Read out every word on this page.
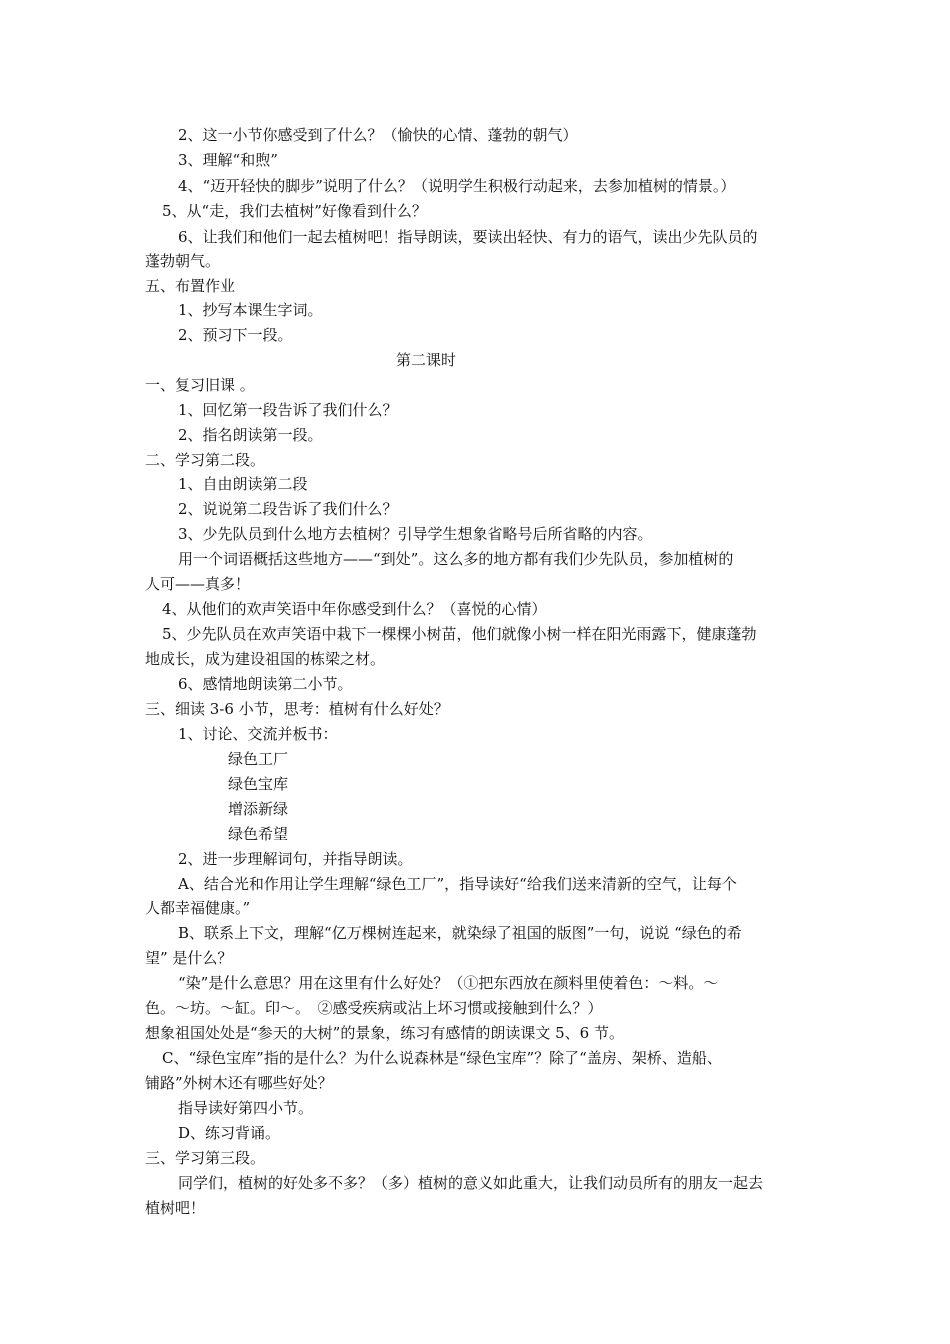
2、这一小节你感受到了什么？（愉快的心情、蓬勃的朝气）
3、理解“和煦”
4、“迈开轻快的脚步”说明了什么？（说明学生积极行动起来，去参加植树的情景。）
5、从“走，我们去植树”好像看到什么？
6、让我们和他们一起去植树吧！指导朗读，要读出轻快、有力的语气，读出少先队员的
蓬勃朝气。
五、布置作业
1、抄写本课生字词。
2、预习下一段。
第二课时
一、复习旧课 。
1、回忆第一段告诉了我们什么？
2、指名朗读第一段。
二、学习第二段。
1、自由朗读第二段
2、说说第二段告诉了我们什么？
3、少先队员到什么地方去植树？引导学生想象省略号后所省略的内容。
用一个词语概括这些地方——“到处”。这么多的地方都有我们少先队员，参加植树的
人可——真多！
4、从他们的欢声笑语中年你感受到什么？（喜悦的心情）
5、少先队员在欢声笑语中栽下一棵棵小树苗，他们就像小树一样在阳光雨露下，健康蓬勃
地成长，成为建设祖国的栋梁之材。
6、感情地朗读第二小节。
三、细读 3-6 小节，思考：植树有什么好处？
1、讨论、交流并板书：
绿色工厂
绿色宝库
增添新绿
绿色希望
2、进一步理解词句，并指导朗读。
A、结合光和作用让学生理解“绿色工厂”，指导读好“给我们送来清新的空气，让每个
人都幸福健康。”
B、联系上下文，理解“亿万棵树连起来，就染绿了祖国的版图”一句，说说 “绿色的希
望” 是什么？
“染”是什么意思？用在这里有什么好处？（①把东西放在颜料里使着色：～料。～
色。～坊。～缸。印～。　②感受疾病或沾上坏习惯或接触到什么？）
想象祖国处处是“参天的大树”的景象，练习有感情的朗读课文 5、6 节。
C、“绿色宝库”指的是什么？为什么说森林是“绿色宝库”？除了“盖房、架桥、造船、
铺路”外树木还有哪些好处？
指导读好第四小节。
D、练习背诵。
三、学习第三段。
同学们，植树的好处多不多？（多）植树的意义如此重大，让我们动员所有的朋友一起去
植树吧！
